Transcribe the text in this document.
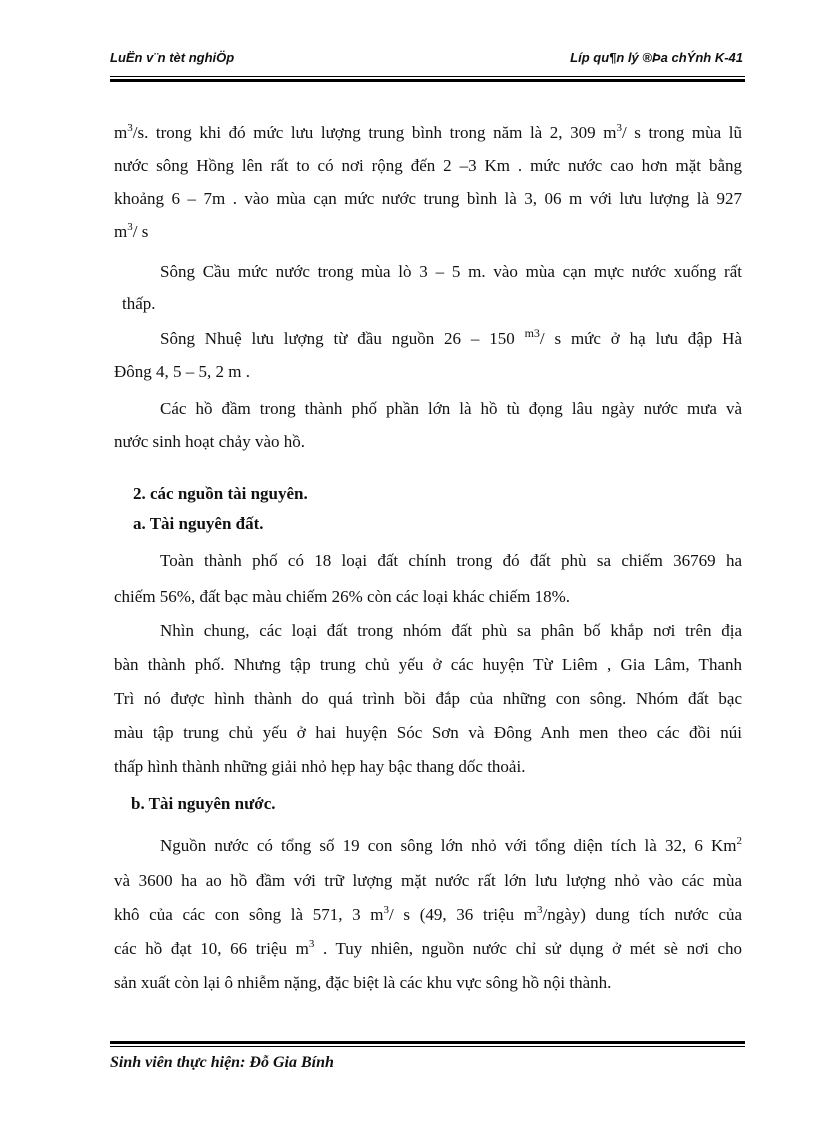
LuËn v¨n tèt nghiÖp	Líp qu¶n lý ®Þa chÝnh K-41
$m^3/s$. trong khi đó mức lưu lượng trung bình trong năm là 2, 309 $m^3/$ s trong mùa lũ
nước sông Hồng lên rất to có nơi rộng đến 2 –3 Km . mức nước cao hơn mặt bằng
khoảng 6 – 7m . vào mùa cạn mức nước trung bình là 3, 06 m với lưu lượng là 927
$m^3/$ s
Sông Cầu mức nước trong mùa lò 3 – 5 m. vào mùa cạn mực nước xuống rất
thấp.
Sông Nhuệ lưu lượng từ đầu nguồn 26 – 150 $^{m3}$/ s mức ở hạ lưu đập Hà
Đông 4, 5 – 5, 2 m .
Các hồ đầm trong thành phố phần lớn là hồ tù đọng lâu ngày nước mưa và
nước sinh hoạt chảy vào hồ.
2. các nguồn tài nguyên.
a. Tài nguyên đất.
Toàn thành phố có 18 loại đất chính trong đó đất phù sa chiếm 36769 ha
chiếm 56%, đất bạc màu chiếm 26% còn các loại khác chiếm 18%.
Nhìn chung, các loại đất trong nhóm đất phù sa phân bố khắp nơi trên địa
bàn thành phố. Nhưng tập trung chủ yếu ở các huyện Từ Liêm , Gia Lâm, Thanh
Trì nó được hình thành do quá trình bồi đắp của những con sông. Nhóm đất bạc
màu tập trung chủ yếu ở hai huyện Sóc Sơn và Đông Anh men theo các đồi núi
thấp hình thành những giải nhỏ hẹp hay bậc thang dốc thoải.
b. Tài nguyên nước.
Nguồn nước có tổng số 19 con sông lớn nhỏ với tổng diện tích là 32, 6 Km$^2$
và 3600 ha ao hồ đầm với trữ lượng mặt nước rất lớn lưu lượng nhỏ vào các mùa
khô của các con sông là 571, 3 $m^3/$ s (49, 36 triệu $m^3/ngày$) dung tích nước của
các hồ đạt 10, 66 triệu $m^3$ . Tuy nhiên, nguồn nước chỉ sử dụng ở mét sè nơi cho
sản xuất còn lại ô nhiễm nặng, đặc biệt là các khu vực sông hồ nội thành.
Sinh viên thực hiện: Đỗ Gia Bính
